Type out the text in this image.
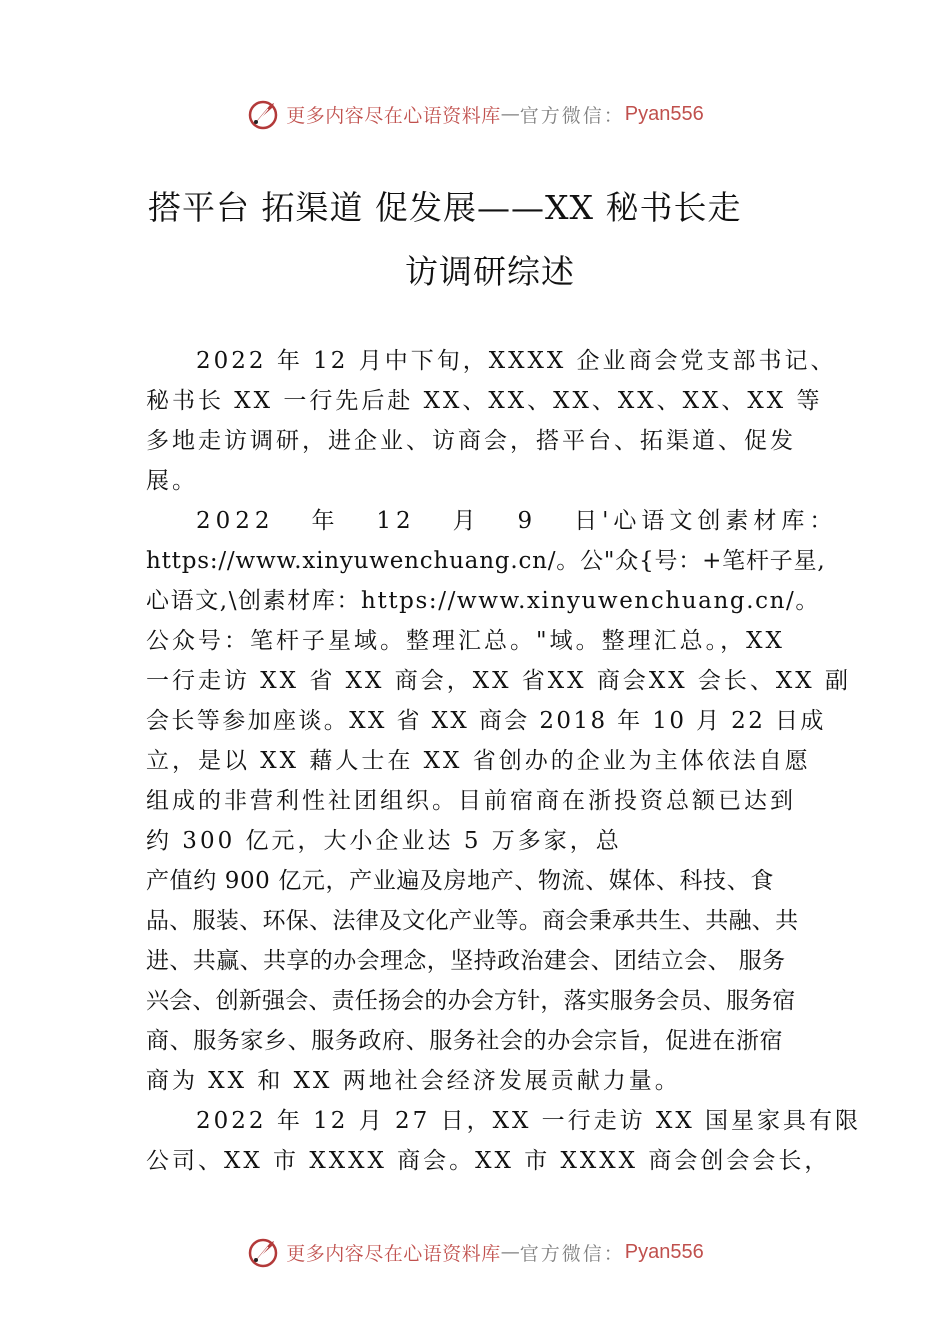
更多内容尽在心语资料库 — 官方微信： Pyan556
搭平台 拓渠道 促发展——XX 秘书长走
访调研综述
2022 年 12 月中下旬，XXXX 企业商会党支部书记、
秘书长 XX 一行先后赴 XX、XX、XX、XX、XX、XX 等
多地走访调研，进企业、访商会，搭平台、拓渠道、促发
展。
2022   年   12   月   9   日'心语文创素材库：
https://www.xinyuwenchuang.cn/。公"众{号：+笔杆子星,
心语文,\创素材库：https://www.xinyuwenchuang.cn/。
公众号：笔杆子星域。整理汇总。"域。整理汇总。，XX
一行走访 XX 省 XX 商会，XX 省XX 商会XX 会长、XX 副
会长等参加座谈。XX 省 XX 商会 2018 年 10 月 22 日成
立，是以 XX 藉人士在 XX 省创办的企业为主体依法自愿
组成的非营利性社团组织。目前宿商在浙投资总额已达到
约 300 亿元，大小企业达 5 万多家，总
产值约 900 亿元，产业遍及房地产、物流、媒体、科技、食
品、服装、环保、法律及文化产业等。商会秉承共生、共融、共
进、共赢、共享的办会理念，坚持政治建会、团结立会、 服务
兴会、创新强会、责任扬会的办会方针，落实服务会员、服务宿
商、服务家乡、服务政府、服务社会的办会宗旨，促进在浙宿
商为 XX 和 XX 两地社会经济发展贡献力量。
2022 年 12 月 27 日，XX 一行走访 XX 国星家具有限
公司、XX 市 XXXX 商会。XX 市 XXXX 商会创会会长，
更多内容尽在心语资料库 — 官方微信： Pyan556
